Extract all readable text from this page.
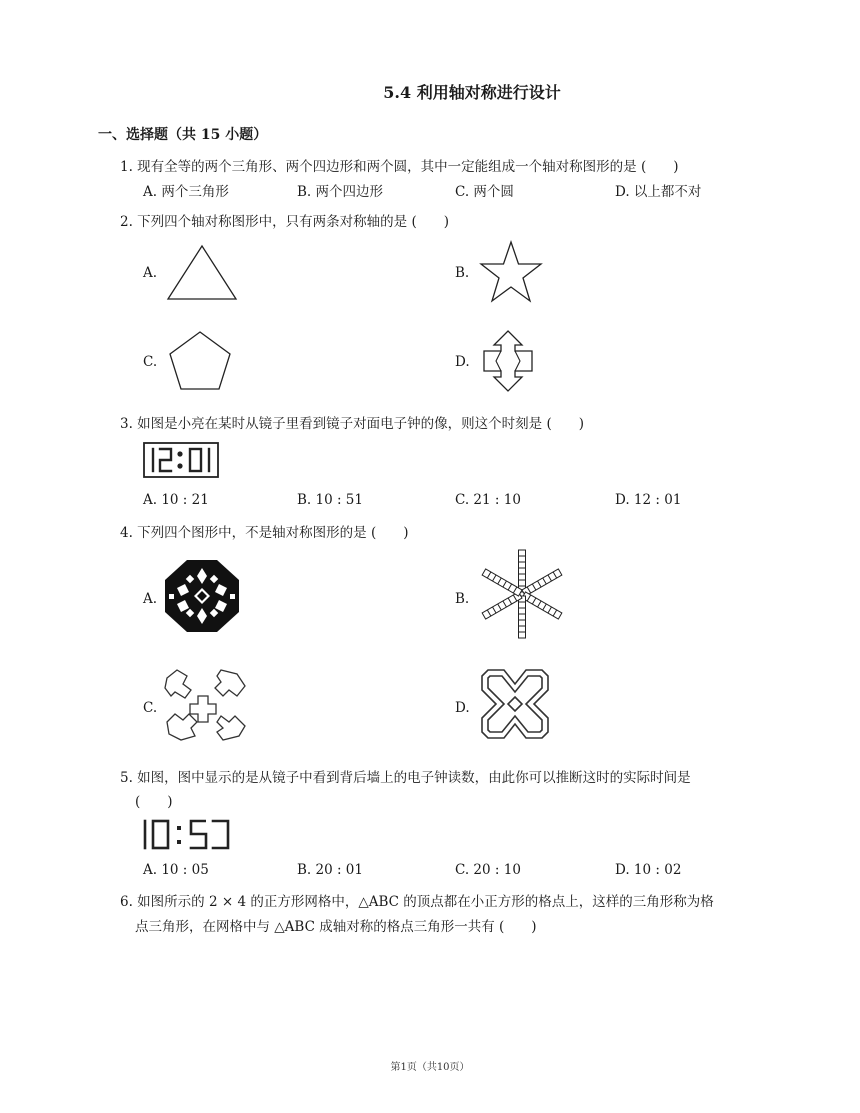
5.4 利用轴对称进行设计
一、选择题（共 15 小题）
1. 现有全等的两个三角形、两个四边形和两个圆，其中一定能组成一个轴对称图形的是 (　　)
A. 两个三角形	B. 两个四边形	C. 两个圆	D. 以上都不对
2. 下列四个轴对称图形中，只有两条对称轴的是 (　　)
A.	B.
C.	D.
3. 如图是小亮在某时从镜子里看到镜子对面电子钟的像，则这个时刻是 (　　)
A. 10 : 21	B. 10 : 51	C. 21 : 10	D. 12 : 01
4. 下列四个图形中，不是轴对称图形的是 (　　)
A.	B.
C.	D.
5. 如图，图中显示的是从镜子中看到背后墙上的电子钟读数，由此你可以推断这时的实际时间是
(　　)
A. 10 : 05	B. 20 : 01	C. 20 : 10	D. 10 : 02
6. 如图所示的 2 × 4 的正方形网格中，△ABC 的顶点都在小正方形的格点上，这样的三角形称为格
点三角形，在网格中与 △ABC 成轴对称的格点三角形一共有 (　　)
第1页（共10页）
